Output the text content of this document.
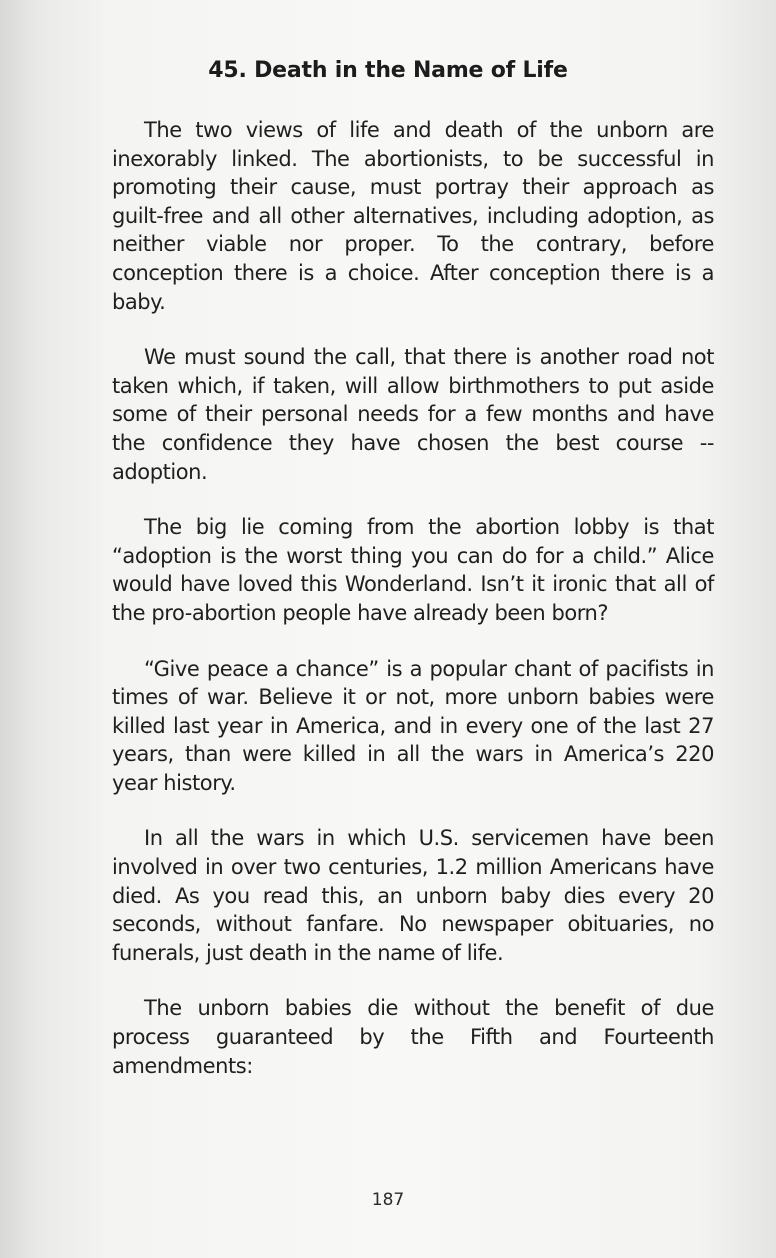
45. Death in the Name of Life

The two views of life and death of the unborn are inexorably linked. The abortionists, to be successful in promoting their cause, must portray their approach as guilt-free and all other alternatives, including adoption, as neither viable nor proper. To the contrary, before conception there is a choice. After conception there is a baby.

We must sound the call, that there is another road not taken which, if taken, will allow birthmothers to put aside some of their personal needs for a few months and have the confidence they have chosen the best course -- adoption.

The big lie coming from the abortion lobby is that “adoption is the worst thing you can do for a child.” Alice would have loved this Wonderland. Isn’t it ironic that all of the pro-abortion people have already been born?

“Give peace a chance” is a popular chant of pacifists in times of war. Believe it or not, more unborn babies were killed last year in America, and in every one of the last 27 years, than were killed in all the wars in America’s 220 year history.

In all the wars in which U.S. servicemen have been involved in over two centuries, 1.2 million Americans have died. As you read this, an unborn baby dies every 20 seconds, without fanfare. No newspaper obituaries, no funerals, just death in the name of life.

The unborn babies die without the benefit of due process guaranteed by the Fifth and Fourteenth amendments:

187
